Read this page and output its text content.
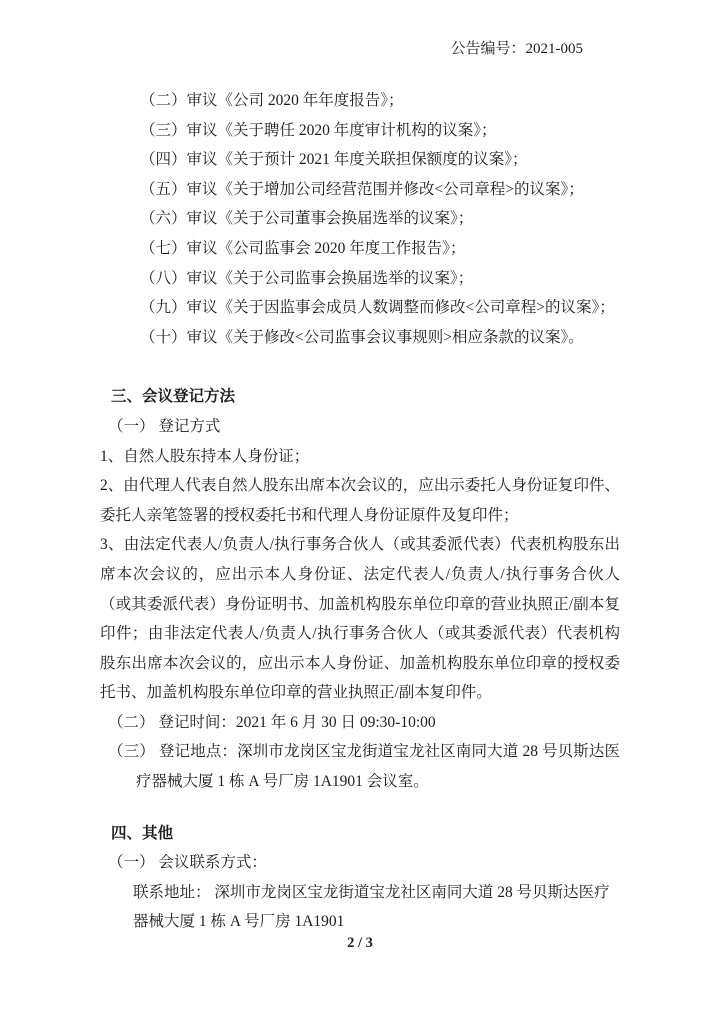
公告编号：2021-005

（二）审议《公司 2020 年年度报告》；

（三）审议《关于聘任 2020 年度审计机构的议案》；

（四）审议《关于预计 2021 年度关联担保额度的议案》；

（五）审议《关于增加公司经营范围并修改<公司章程>的议案》；

（六）审议《关于公司董事会换届选举的议案》；

（七）审议《公司监事会 2020 年度工作报告》；

（八）审议《关于公司监事会换届选举的议案》；

（九）审议《关于因监事会成员人数调整而修改<公司章程>的议案》；

（十）审议《关于修改<公司监事会议事规则>相应条款的议案》。

三、会议登记方法

（一） 登记方式

1、自然人股东持本人身份证；

2、由代理人代表自然人股东出席本次会议的，应出示委托人身份证复印件、委托人亲笔签署的授权委托书和代理人身份证原件及复印件；

3、由法定代表人/负责人/执行事务合伙人（或其委派代表）代表机构股东出席本次会议的，应出示本人身份证、法定代表人/负责人/执行事务合伙人（或其委派代表）身份证明书、加盖机构股东单位印章的营业执照正/副本复印件；由非法定代表人/负责人/执行事务合伙人（或其委派代表）代表机构股东出席本次会议的，应出示本人身份证、加盖机构股东单位印章的授权委托书、加盖机构股东单位印章的营业执照正/副本复印件。

（二） 登记时间：2021 年 6 月 30 日 09:30-10:00

（三） 登记地点：深圳市龙岗区宝龙街道宝龙社区南同大道 28 号贝斯达医疗器械大厦 1 栋 A 号厂房 1A1901 会议室。

四、其他

（一） 会议联系方式：

联系地址： 深圳市龙岗区宝龙街道宝龙社区南同大道 28 号贝斯达医疗器械大厦 1 栋 A 号厂房 1A1901

2 / 3
